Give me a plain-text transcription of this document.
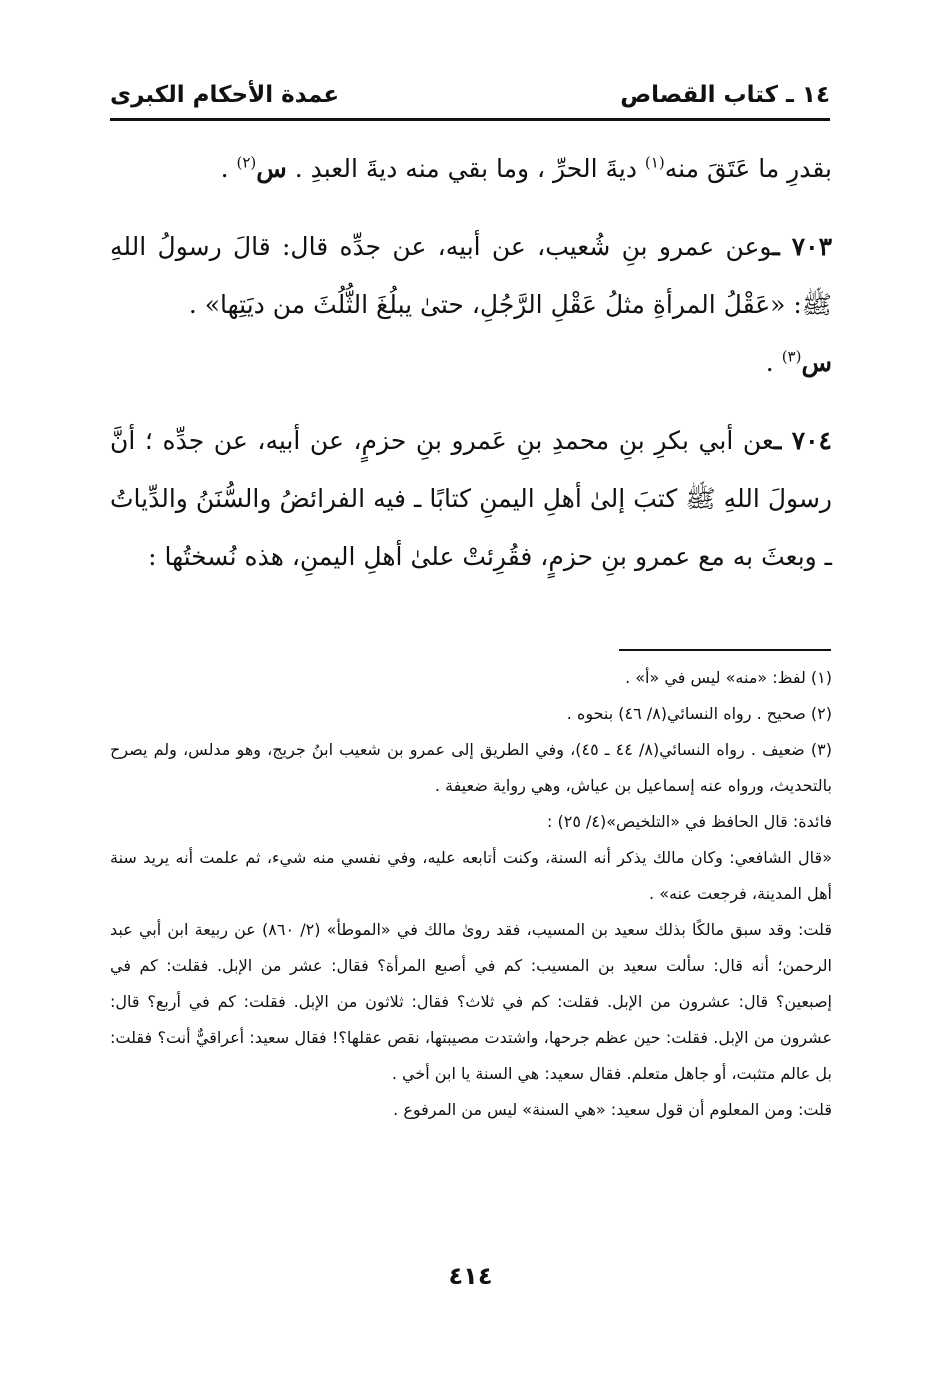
١٤ ـ كتاب القصاص
عمدة الأحكام الكبرى

بقدرِ ما عَتَقَ منه$^{(١)}$ ديةَ الحرِّ ، وما بقي منه ديةَ العبدِ . س$^{(٢)}$ .

٧٠٣ ـوعن عمرو بنِ شُعيب، عن أبيه، عن جدِّه قال: قالَ رسولُ اللهِ ﷺ: «عَقْلُ المرأةِ مثلُ عَقْلِ الرَّجُلِ، حتىٰ يبلُغَ الثُّلُثَ من ديَتِها» .
س$^{(٣)}$ .

٧٠٤ ـعن أبي بكرِ بنِ محمدِ بنِ عَمرو بنِ حزمٍ، عن أبيه، عن جدِّه ؛ أنَّ رسولَ اللهِ ﷺ كتبَ إلىٰ أهلِ اليمنِ كتابًا ـ فيه الفرائضُ والسُّنَنُ والدِّياتُ ـ وبعثَ به مع عمرو بنِ حزمٍ، فقُرِئتْ علىٰ أهلِ اليمنِ، هذه نُسختُها :

(١) لفظ: «منه» ليس في «أ» .

(٢) صحيح . رواه النسائي(٨/ ٤٦) بنحوه .

(٣) ضعيف . رواه النسائي(٨/ ٤٤ ـ ٤٥)، وفي الطريق إلى عمرو بن شعيب ابنُ جريج، وهو مدلس، ولم يصرح بالتحديث، ورواه عنه إسماعيل بن عياش، وهي رواية ضعيفة .

فائدة: قال الحافظ في «التلخيص»(٤/ ٢٥) :

«قال الشافعي: وكان مالك يذكر أنه السنة، وكنت أتابعه عليه، وفي نفسي منه شيء، ثم علمت أنه يريد سنة أهل المدينة، فرجعت عنه» .

قلت: وقد سبق مالكًا بذلك سعيد بن المسيب، فقد روىٰ مالك في «الموطأ» (٢/ ٨٦٠) عن ربيعة ابن أبي عبد الرحمن؛ أنه قال: سألت سعيد بن المسيب: كم في أصبع المرأة؟ فقال: عشر من الإبل. فقلت: كم في إصبعين؟ قال: عشرون من الإبل. فقلت: كم في ثلاث؟ فقال: ثلاثون من الإبل. فقلت: كم في أربع؟ قال: عشرون من الإبل. فقلت: حين عظم جرحها، واشتدت مصيبتها، نقص عقلها؟! فقال سعيد: أعراقيٌّ أنت؟ فقلت: بل عالم متثبت، أو جاهل متعلم. فقال سعيد: هي السنة يا ابن أخي .

قلت: ومن المعلوم أن قول سعيد: «هي السنة» ليس من المرفوع .

٤١٤
